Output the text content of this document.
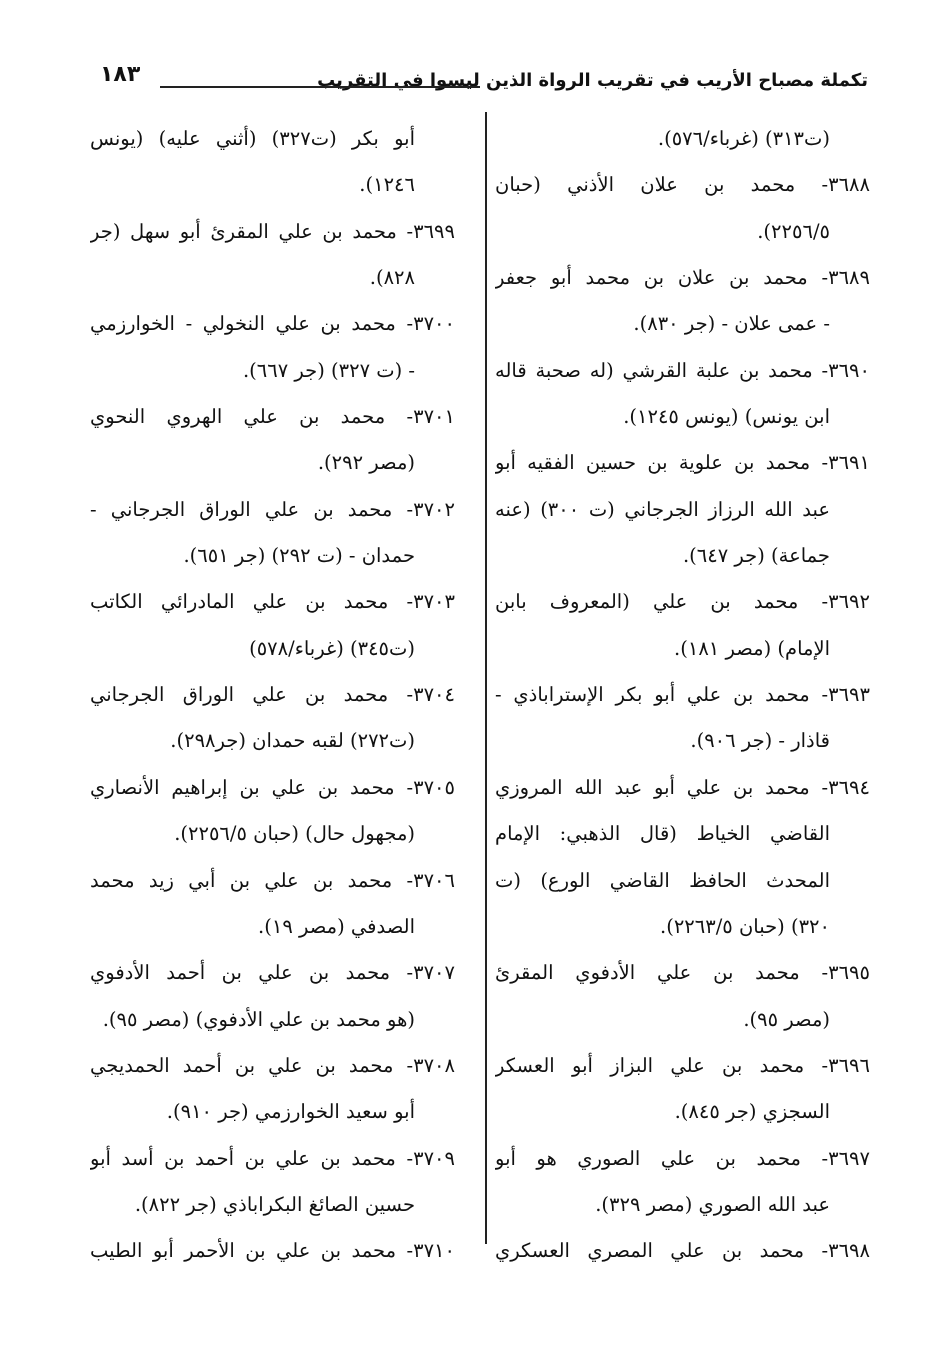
تكملة مصباح الأريب في تقريب الرواة الذين ليسوا في التقريب
١٨٣
(ت٣١٣) (غرباء/٥٧٦).
٣٦٨٨- محمد بن علان الأذني (حبان
٢٢٥٦/٥).
٣٦٨٩- محمد بن علان بن محمد أبو جعفر
- عمى علان - (جر ٨٣٠).
٣٦٩٠- محمد بن علبة القرشي (له صحبة قاله
ابن يونس) (يونس ١٢٤٥).
٣٦٩١- محمد بن علوية بن حسين الفقيه أبو
عبد الله الرزاز الجرجاني (ت ٣٠٠) (عنه
جماعة) (جر ٦٤٧).
٣٦٩٢- محمد بن علي (المعروف بابن
الإمام) (مصر ١٨١).
٣٦٩٣- محمد بن علي أبو بكر الإستراباذي -
قاذار - (جر ٩٠٦).
٣٦٩٤- محمد بن علي أبو عبد الله المروزي
القاضي الخياط (قال الذهبي: الإمام
المحدث الحافظ القاضي الورع) (ت
٣٢٠) (حبان ٢٢٦٣/٥).
٣٦٩٥- محمد بن علي الأدفوي المقرئ
(مصر ٩٥).
٣٦٩٦- محمد بن علي البزاز أبو العسكر
السجزي (جر ٨٤٥).
٣٦٩٧- محمد بن علي الصوري هو أبو
عبد الله الصوري (مصر ٣٢٩).
٣٦٩٨- محمد بن علي المصري العسكري
أبو بكر (ت٣٢٧) (أثني عليه) (يونس
١٢٤٦).
٣٦٩٩- محمد بن علي المقرئ أبو سهل (جر
٨٢٨).
٣٧٠٠- محمد بن علي النخولي - الخوارزمي
- (ت ٣٢٧) (جر ٦٦٧).
٣٧٠١- محمد بن علي الهروي النحوي
(مصر ٢٩٢).
٣٧٠٢- محمد بن علي الوراق الجرجاني -
حمدان - (ت ٢٩٢) (جر ٦٥١).
٣٧٠٣- محمد بن علي المادرائي الكاتب
(ت٣٤٥) (غرباء/٥٧٨)
٣٧٠٤- محمد بن علي الوراق الجرجاني
(ت٢٧٢) لقبه حمدان (جر٢٩٨).
٣٧٠٥- محمد بن علي بن إبراهيم الأنصاري
(مجهول حال) (حبان ٢٢٥٦/٥).
٣٧٠٦- محمد بن علي بن أبي زيد محمد
الصدفي (مصر ١٩).
٣٧٠٧- محمد بن علي بن أحمد الأدفوي
(هو محمد بن علي الأدفوي) (مصر ٩٥).
٣٧٠٨- محمد بن علي بن أحمد الحمديجي
أبو سعيد الخوارزمي (جر ٩١٠).
٣٧٠٩- محمد بن علي بن أحمد بن أسد أبو
حسين الصائغ البكراباذي (جر ٨٢٢).
٣٧١٠- محمد بن علي بن الأحمر أبو الطيب
